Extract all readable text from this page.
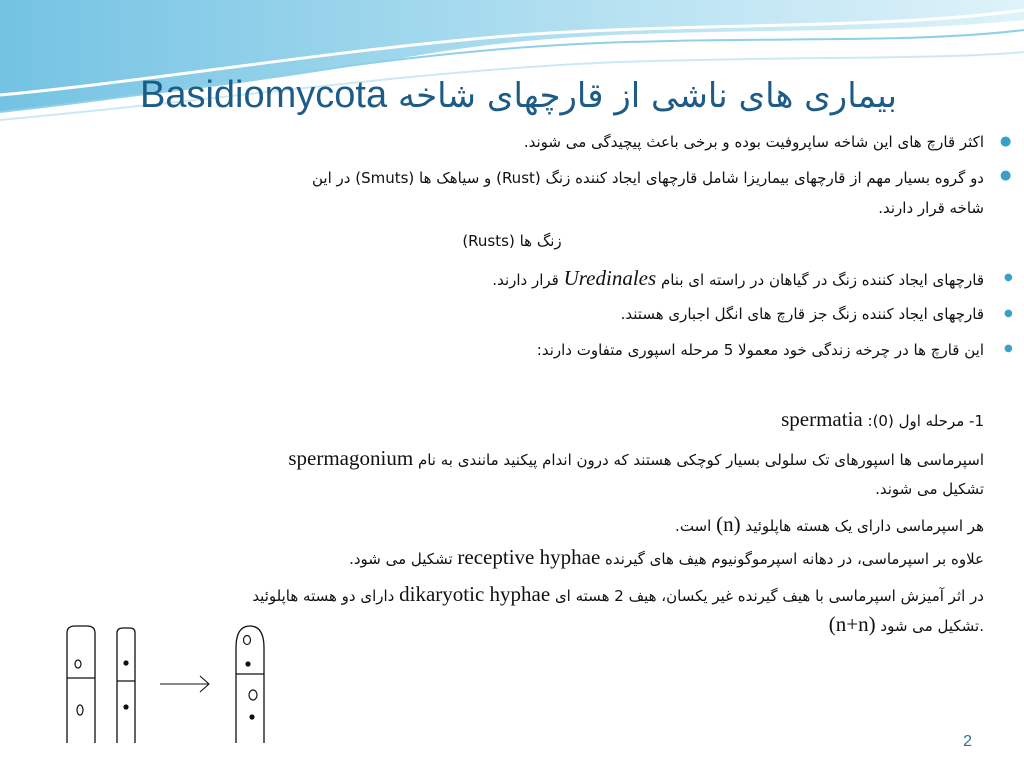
Basidiomycota بیماری های ناشی از قارچهای شاخه
●
اکثر قارچ های این شاخه ساپروفیت بوده و برخی باعث پیچیدگی می شوند.
●
دو گروه بسیار مهم از قارچهای بیماریزا شامل قارچهای ایجاد کننده زنگ (Rust) و سیاهک ها (Smuts) در این
شاخه قرار دارند.
زنگ ها (Rusts)
●
قارچهای ایجاد کننده زنگ در گیاهان در راسته ای بنام Uredinales قرار دارند.
●
قارچهای ایجاد کننده زنگ جز قارچ های انگل اجباری هستند.
●
این قارچ ها در چرخه زندگی خود معمولا 5 مرحله اسپوری متفاوت دارند:
1- مرحله اول (0): spermatia
اسپرماسی ها اسپورهای تک سلولی بسیار کوچکی هستند که درون اندام پیکنید مانندی به نام spermagonium
تشکیل می شوند.
هر اسپرماسی دارای یک هسته هاپلوئید (n) است.
علاوه بر اسپرماسی، در دهانه اسپرموگونیوم هیف های گیرنده receptive hyphae تشکیل می شود.
در اثر آمیزش اسپرماسی با هیف گیرنده غیر یکسان، هیف 2 هسته ای dikaryotic hyphae دارای دو هسته هاپلوئید
(n+n) تشکیل می شود.
2
